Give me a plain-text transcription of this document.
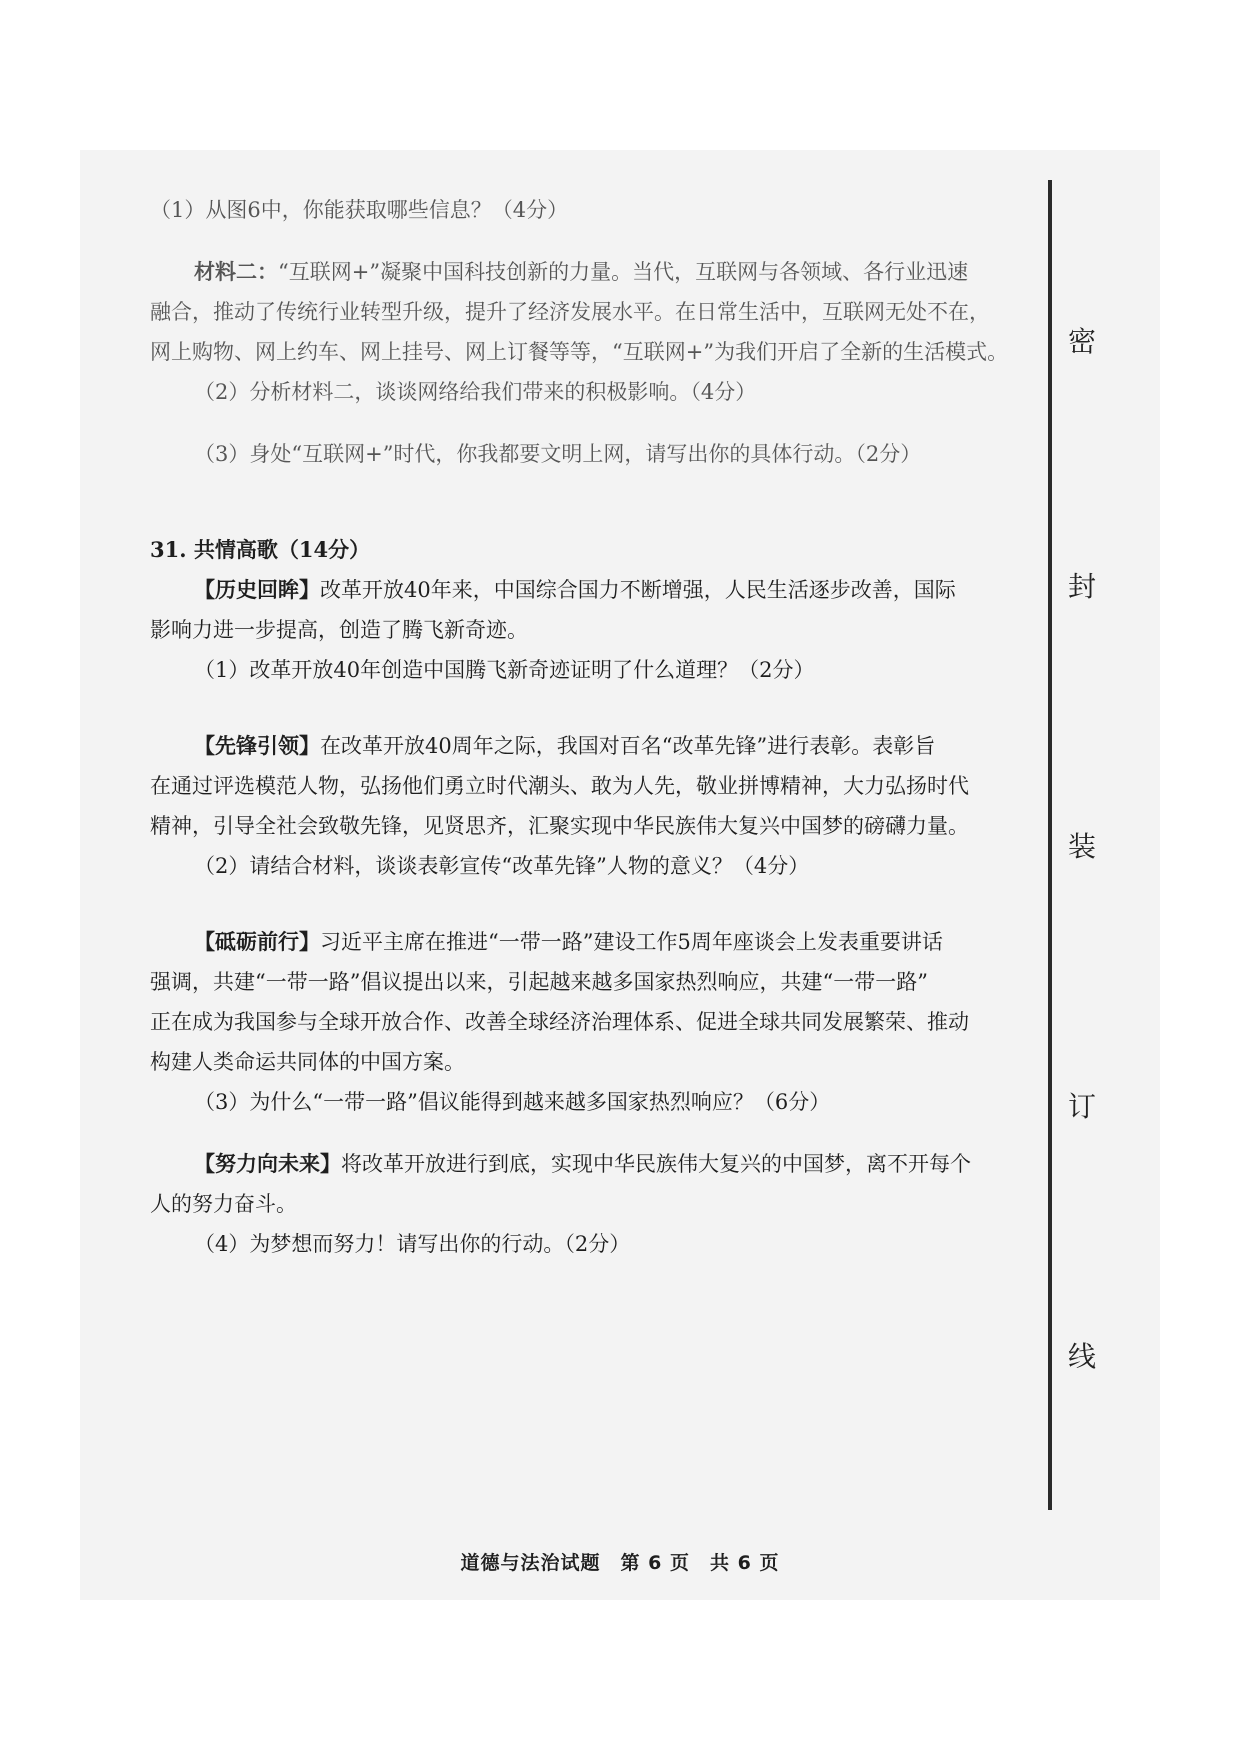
（1）从图6中，你能获取哪些信息？（4分）
材料二：“互联网+”凝聚中国科技创新的力量。当代，互联网与各领域、各行业迅速
融合，推动了传统行业转型升级，提升了经济发展水平。在日常生活中，互联网无处不在，
网上购物、网上约车、网上挂号、网上订餐等等，“互联网+”为我们开启了全新的生活模式。
（2）分析材料二，谈谈网络给我们带来的积极影响。（4分）
（3）身处“互联网+”时代，你我都要文明上网，请写出你的具体行动。（2分）
31. 共情高歌（14分）
【历史回眸】改革开放40年来，中国综合国力不断增强，人民生活逐步改善，国际
影响力进一步提高，创造了腾飞新奇迹。
（1）改革开放40年创造中国腾飞新奇迹证明了什么道理？（2分）
【先锋引领】在改革开放40周年之际，我国对百名“改革先锋”进行表彰。表彰旨
在通过评选模范人物，弘扬他们勇立时代潮头、敢为人先，敬业拼博精神，大力弘扬时代
精神，引导全社会致敬先锋，见贤思齐，汇聚实现中华民族伟大复兴中国梦的磅礴力量。
（2）请结合材料，谈谈表彰宣传“改革先锋”人物的意义？（4分）
【砥砺前行】习近平主席在推进“一带一路”建设工作5周年座谈会上发表重要讲话
强调，共建“一带一路”倡议提出以来，引起越来越多国家热烈响应，共建“一带一路”
正在成为我国参与全球开放合作、改善全球经济治理体系、促进全球共同发展繁荣、推动
构建人类命运共同体的中国方案。
（3）为什么“一带一路”倡议能得到越来越多国家热烈响应？（6分）
【努力向未来】将改革开放进行到底，实现中华民族伟大复兴的中国梦，离不开每个
人的努力奋斗。
（4）为梦想而努力！请写出你的行动。（2分）
密
封
装
订
线
道德与法治试题　第 6 页　共 6 页
